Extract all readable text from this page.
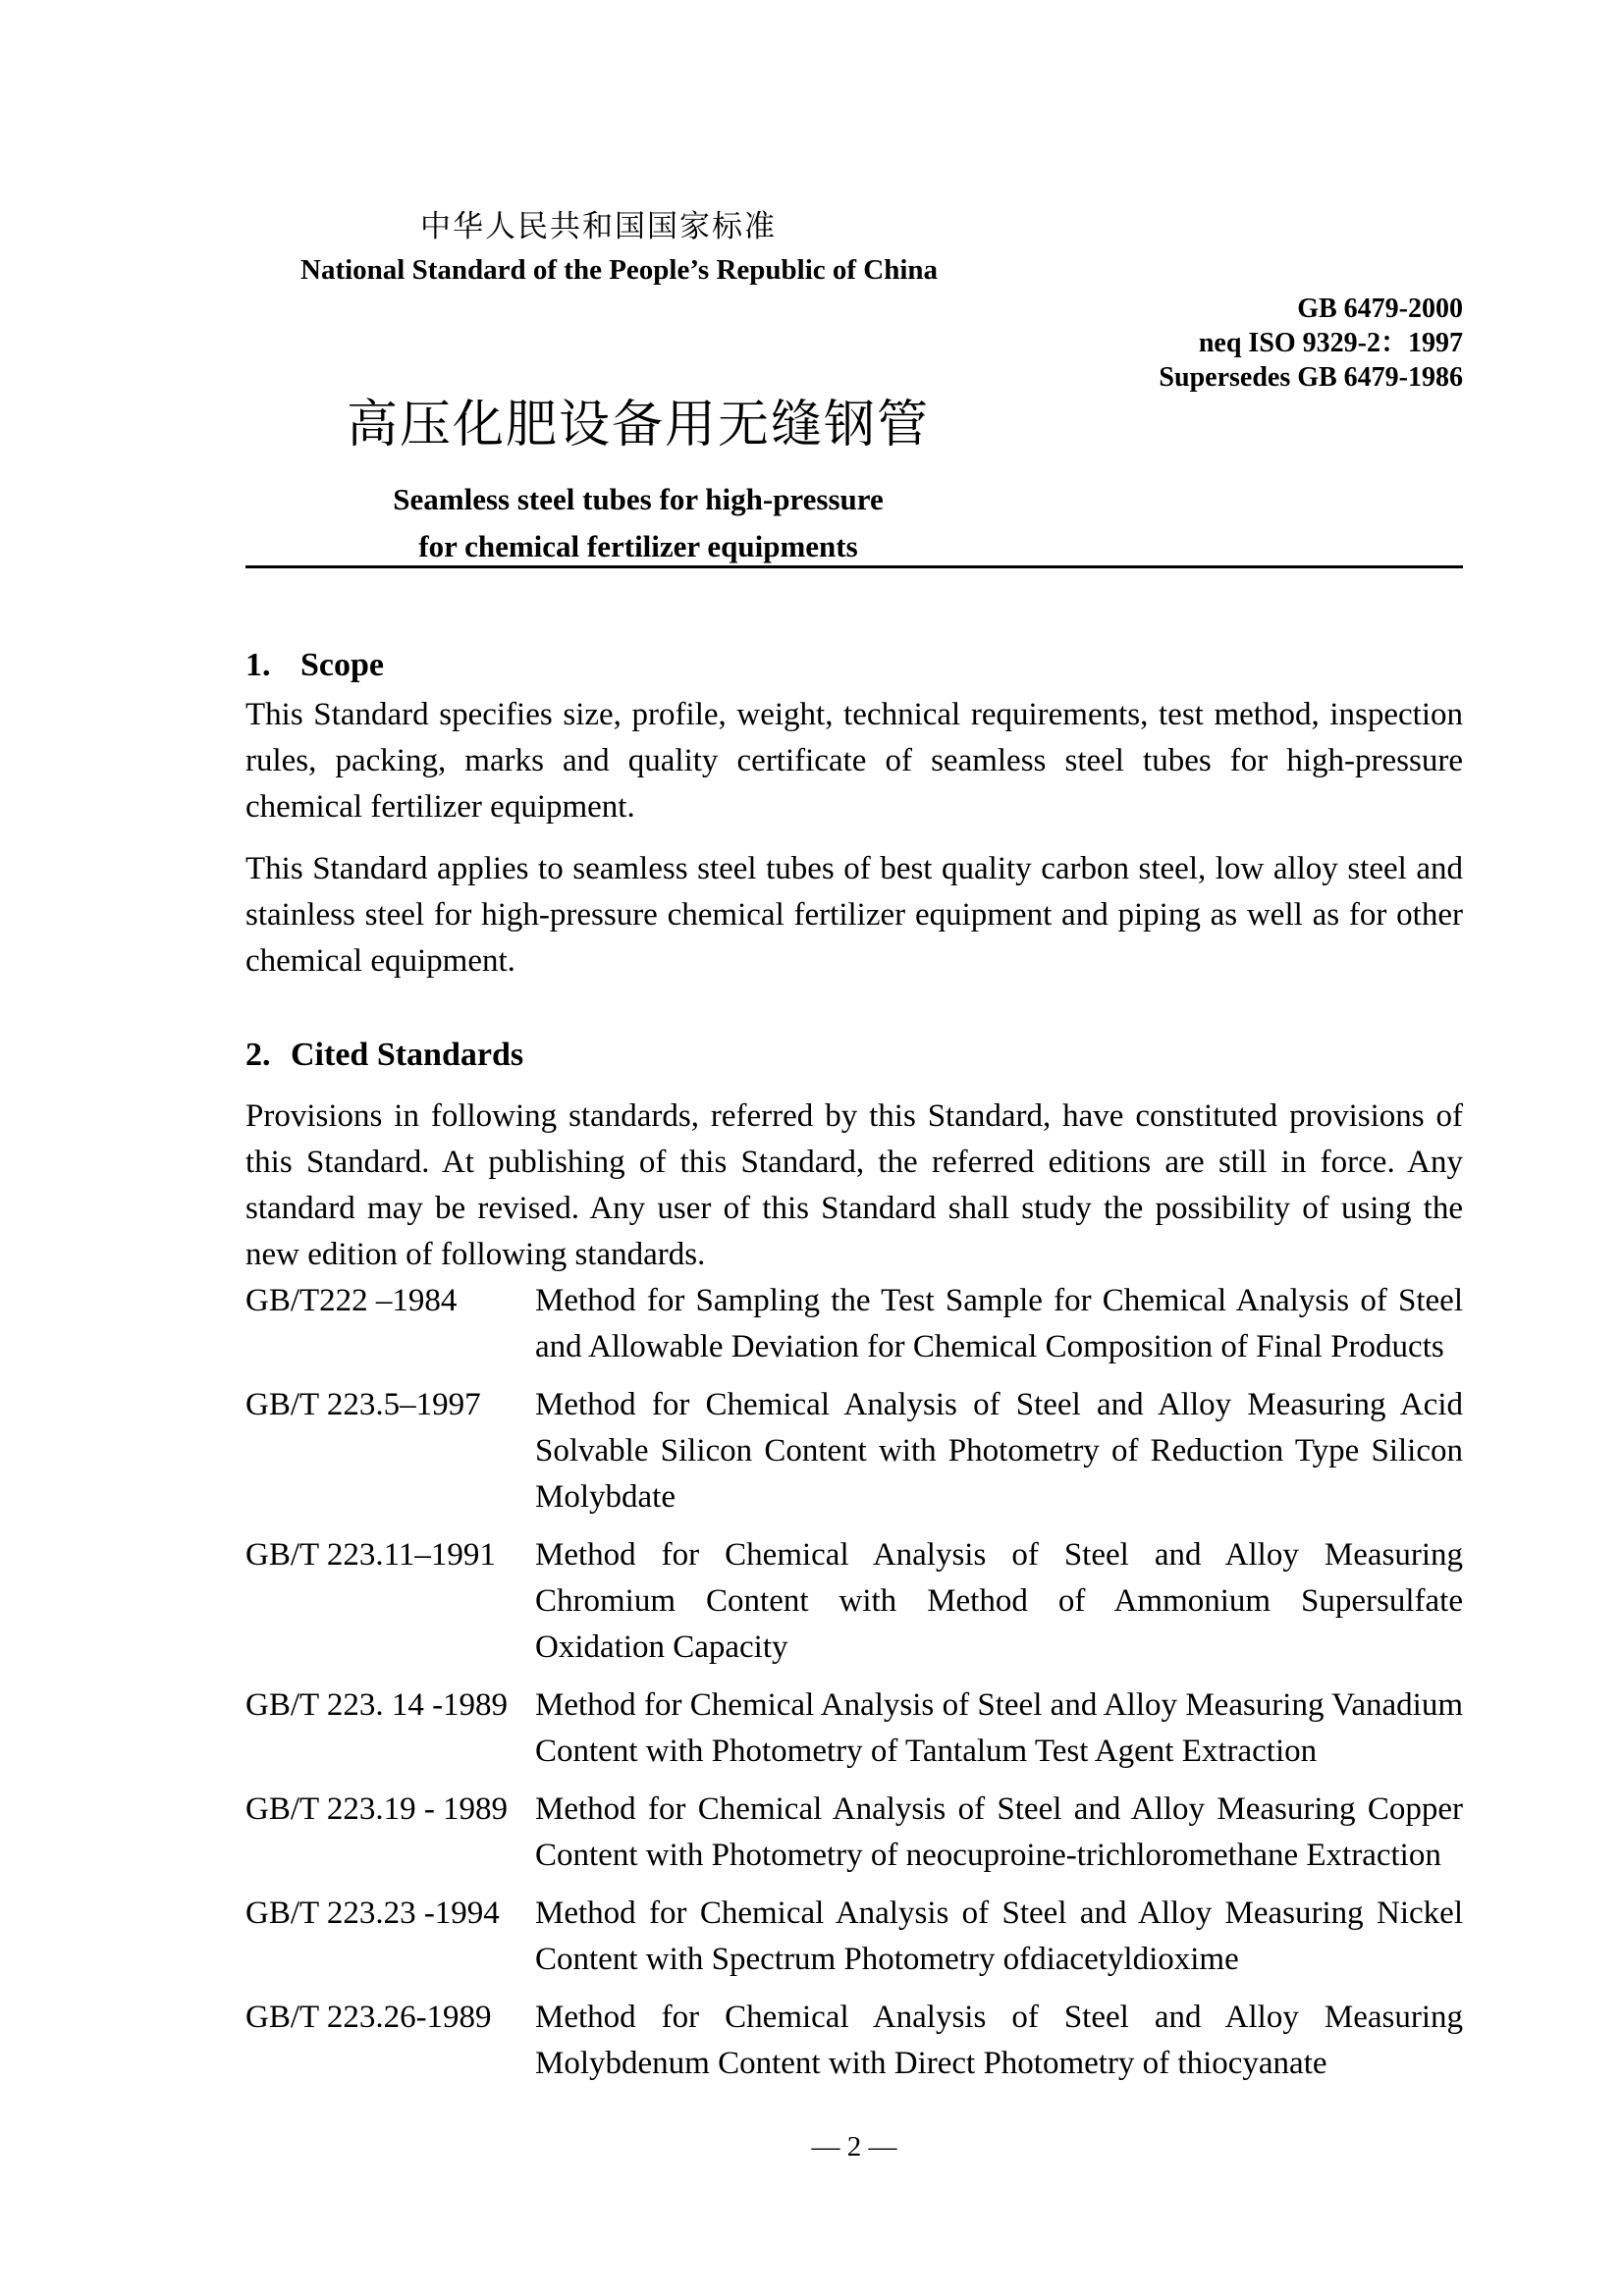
中华人民共和国国家标准
National Standard of the People’s Republic of China
GB 6479-2000
neq ISO 9329-2：1997
Supersedes GB 6479-1986
高压化肥设备用无缝钢管
Seamless steel tubes for high-pressure
for chemical fertilizer equipments
1. Scope
This Standard specifies size, profile, weight, technical requirements, test method, inspection rules, packing, marks and quality certificate of seamless steel tubes for high-pressure chemical fertilizer equipment.
This Standard applies to seamless steel tubes of best quality carbon steel, low alloy steel and stainless steel for high-pressure chemical fertilizer equipment and piping as well as for other chemical equipment.
2. Cited Standards
Provisions in following standards, referred by this Standard, have constituted provisions of this Standard. At publishing of this Standard, the referred editions are still in force. Any standard may be revised. Any user of this Standard shall study the possibility of using the new edition of following standards.
GB/T222 –1984 Method for Sampling the Test Sample for Chemical Analysis of Steel and Allowable Deviation for Chemical Composition of Final Products
GB/T 223.5–1997 Method for Chemical Analysis of Steel and Alloy Measuring Acid Solvable Silicon Content with Photometry of Reduction Type Silicon Molybdate
GB/T 223.11–1991 Method for Chemical Analysis of Steel and Alloy Measuring Chromium Content with Method of Ammonium Supersulfate Oxidation Capacity
GB/T 223. 14 -1989 Method for Chemical Analysis of Steel and Alloy Measuring Vanadium Content with Photometry of Tantalum Test Agent Extraction
GB/T 223.19 - 1989 Method for Chemical Analysis of Steel and Alloy Measuring Copper Content with Photometry of neocuproine-trichloromethane Extraction
GB/T 223.23 -1994 Method for Chemical Analysis of Steel and Alloy Measuring Nickel Content with Spectrum Photometry ofdiacetyldioxime
GB/T 223.26-1989 Method for Chemical Analysis of Steel and Alloy Measuring Molybdenum Content with Direct Photometry of thiocyanate
— 2 —
